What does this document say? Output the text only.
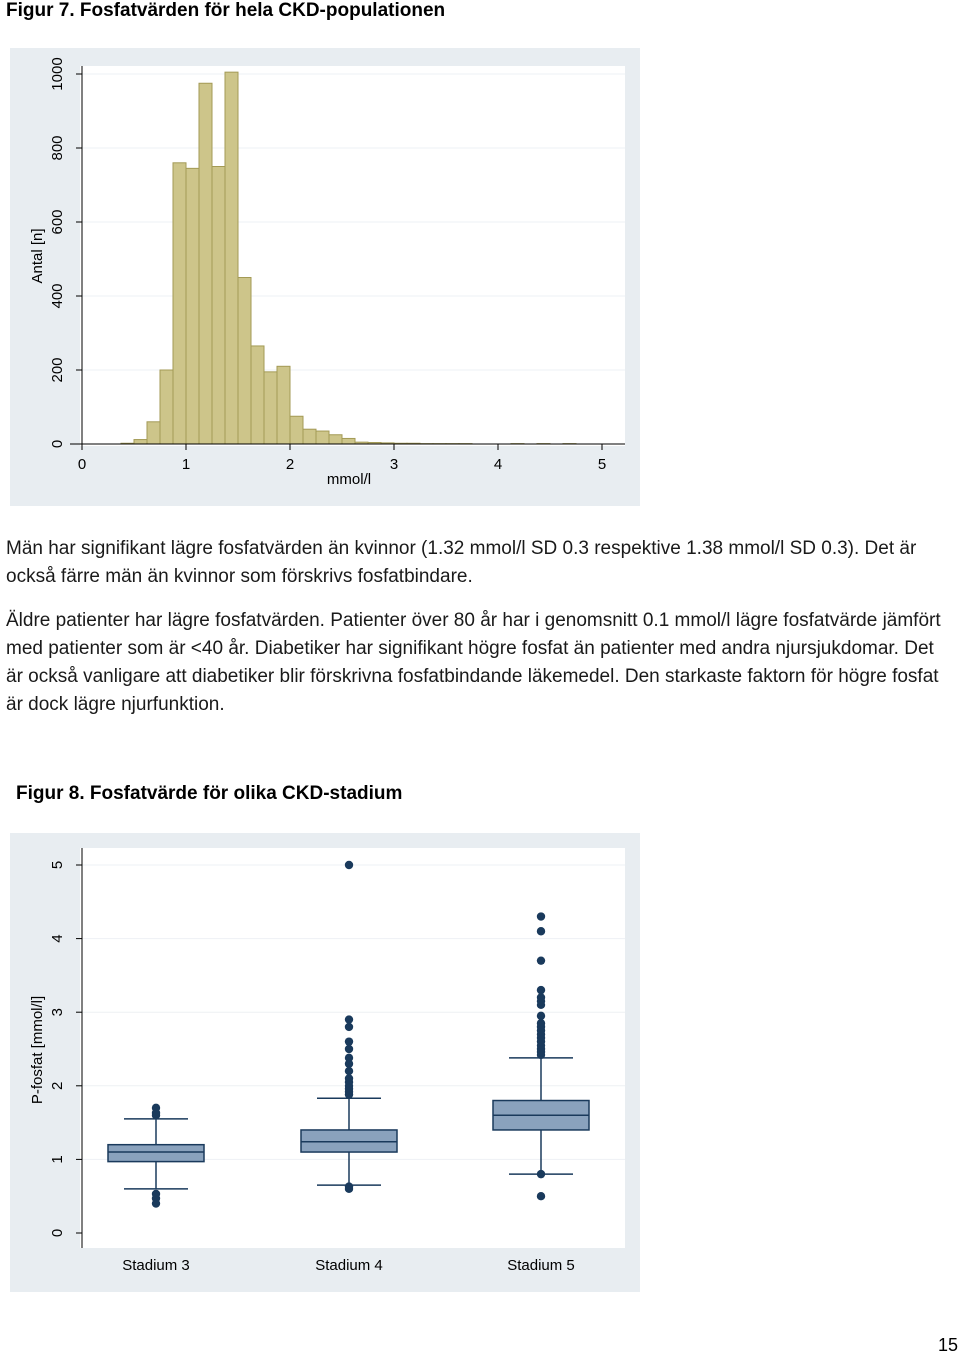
Figur 7. Fosfatvärden för hela CKD-populationen
0
200
400
600
800
1000
0	1	2	3	4	5
Antal [n]
mmol/l
Män har signifikant lägre fosfatvärden än kvinnor (1.32 mmol/l SD 0.3 respektive 1.38 mmol/l SD 0.3). Det är också färre män än kvinnor som förskrivs fosfatbindare.
Äldre patienter har lägre fosfatvärden. Patienter över 80 år har i genomsnitt 0.1 mmol/l lägre fosfatvärde jämfört med patienter som är <40 år. Diabetiker har signifikant högre fosfat än patienter med andra njursjukdomar. Det är också vanligare att diabetiker blir förskrivna fosfatbindande läkemedel. Den starkaste faktorn för högre fosfat är dock lägre njurfunktion.
Figur 8. Fosfatvärde för olika CKD-stadium
Stadium 3	Stadium 4	Stadium 5
0
1
2
3
4
5
P-fosfat [mmol/l]
15
